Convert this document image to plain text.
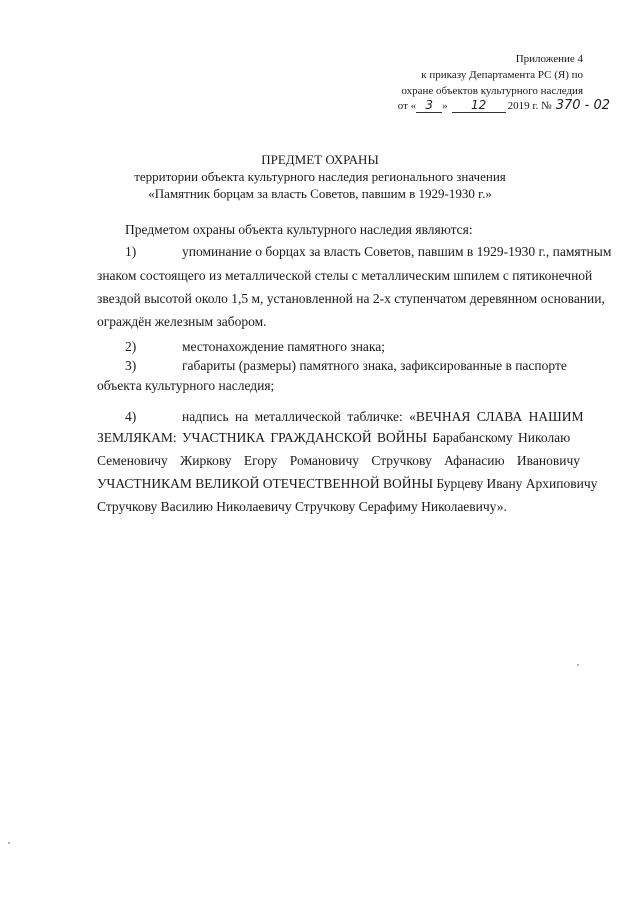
Приложение 4
к приказу Департамента РС (Я) по
охране объектов культурного наследия
от « 3 »	12	2019 г. № 370 - 02
ПРЕДМЕТ ОХРАНЫ
территории объекта культурного наследия регионального значения
«Памятник борцам за власть Советов, павшим в 1929-1930 г.»
Предметом охраны объекта культурного наследия являются:
1)	упоминание о борцах за власть Советов, павшим в 1929-1930 г., памятным
знаком состоящего из металлической стелы с металлическим шпилем с пятиконечной
звездой высотой около 1,5 м, установленной на 2-х ступенчатом деревянном основании,
ограждён железным забором.
2)	местонахождение памятного знака;
3)	габариты (размеры) памятного знака, зафиксированные в паспорте
объекта культурного наследия;
4)	надпись на металлической табличке: «ВЕЧНАЯ СЛАВА НАШИМ
ЗЕМЛЯКАМ: УЧАСТНИКА ГРАЖДАНСКОЙ ВОЙНЫ Барабанскому Николаю
Семеновичу Жиркову Егору Романовичу Стручкову Афанасию Ивановичу
УЧАСТНИКАМ ВЕЛИКОЙ ОТЕЧЕСТВЕННОЙ ВОЙНЫ Бурцеву Ивану Архиповичу
Стручкову Василию Николаевичу Стручкову Серафиму Николаевичу».
